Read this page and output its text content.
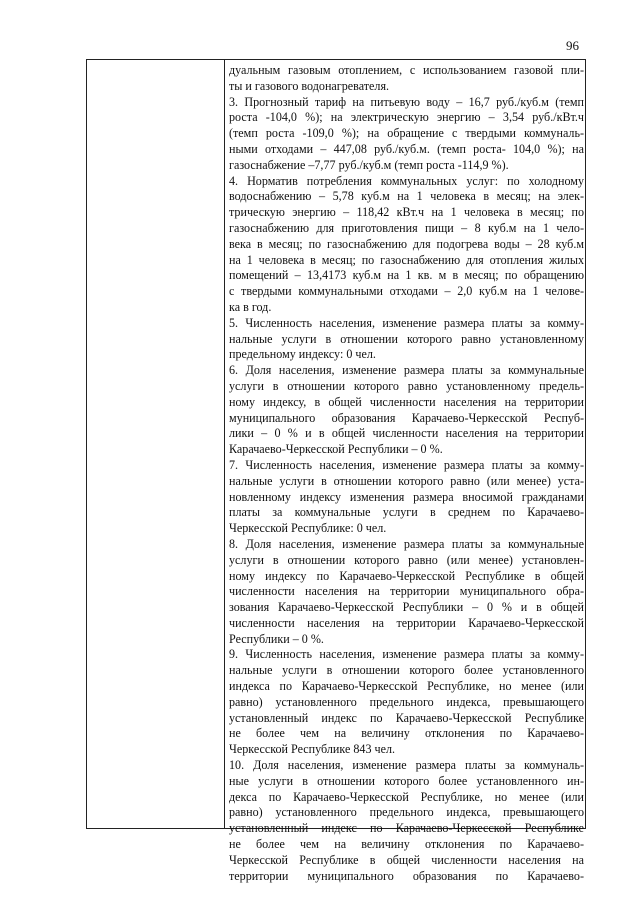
96
дуальным газовым отоплением, с использованием газовой пли-
ты и газового водонагревателя.
3. Прогнозный тариф на питьевую воду – 16,7 руб./куб.м (темп
роста -104,0 %); на электрическую энергию – 3,54 руб./кВт.ч
(темп роста -109,0 %); на обращение с твердыми коммуналь-
ными отходами – 447,08 руб./куб.м. (темп роста- 104,0 %); на
газоснабжение –7,77 руб./куб.м (темп роста -114,9 %).
4. Норматив потребления коммунальных услуг: по холодному
водоснабжению – 5,78 куб.м на 1 человека в месяц; на элек-
трическую энергию – 118,42 кВт.ч на 1 человека в месяц; по
газоснабжению для приготовления пищи – 8 куб.м на 1 чело-
века в месяц; по газоснабжению для подогрева воды – 28 куб.м
на 1 человека в месяц; по газоснабжению для отопления жилых
помещений – 13,4173 куб.м на 1 кв. м в месяц; по обращению
с твердыми коммунальными отходами – 2,0 куб.м на 1 челове-
ка в год.
5. Численность населения, изменение размера платы за комму-
нальные услуги в отношении которого равно установленному
предельному индексу: 0 чел.
6. Доля населения, изменение размера платы за коммунальные
услуги в отношении которого равно установленному предель-
ному индексу, в общей численности населения на территории
муниципального образования Карачаево-Черкесской Респуб-
лики – 0 % и в общей численности населения на территории
Карачаево-Черкесской Республики – 0 %.
7. Численность населения, изменение размера платы за комму-
нальные услуги в отношении которого равно (или менее) уста-
новленному индексу изменения размера вносимой гражданами
платы за коммунальные услуги в среднем по Карачаево-
Черкесской Республике: 0 чел.
8. Доля населения, изменение размера платы за коммунальные
услуги в отношении которого равно (или менее) установлен-
ному индексу по Карачаево-Черкесской Республике в общей
численности населения на территории муниципального обра-
зования Карачаево-Черкесской Республики – 0 % и в общей
численности населения на территории Карачаево-Черкесской
Республики – 0 %.
9. Численность населения, изменение размера платы за комму-
нальные услуги в отношении которого более установленного
индекса по Карачаево-Черкесской Республике, но менее (или
равно) установленного предельного индекса, превышающего
установленный индекс по Карачаево-Черкесской Республике
не более чем на величину отклонения по Карачаево-
Черкесской Республике 843 чел.
10. Доля населения, изменение размера платы за коммуналь-
ные услуги в отношении которого более установленного ин-
декса по Карачаево-Черкесской Республике, но менее (или
равно) установленного предельного индекса, превышающего
установленный индекс по Карачаево-Черкесской Республике
не более чем на величину отклонения по Карачаево-
Черкесской Республике в общей численности населения на
территории муниципального образования по Карачаево-
